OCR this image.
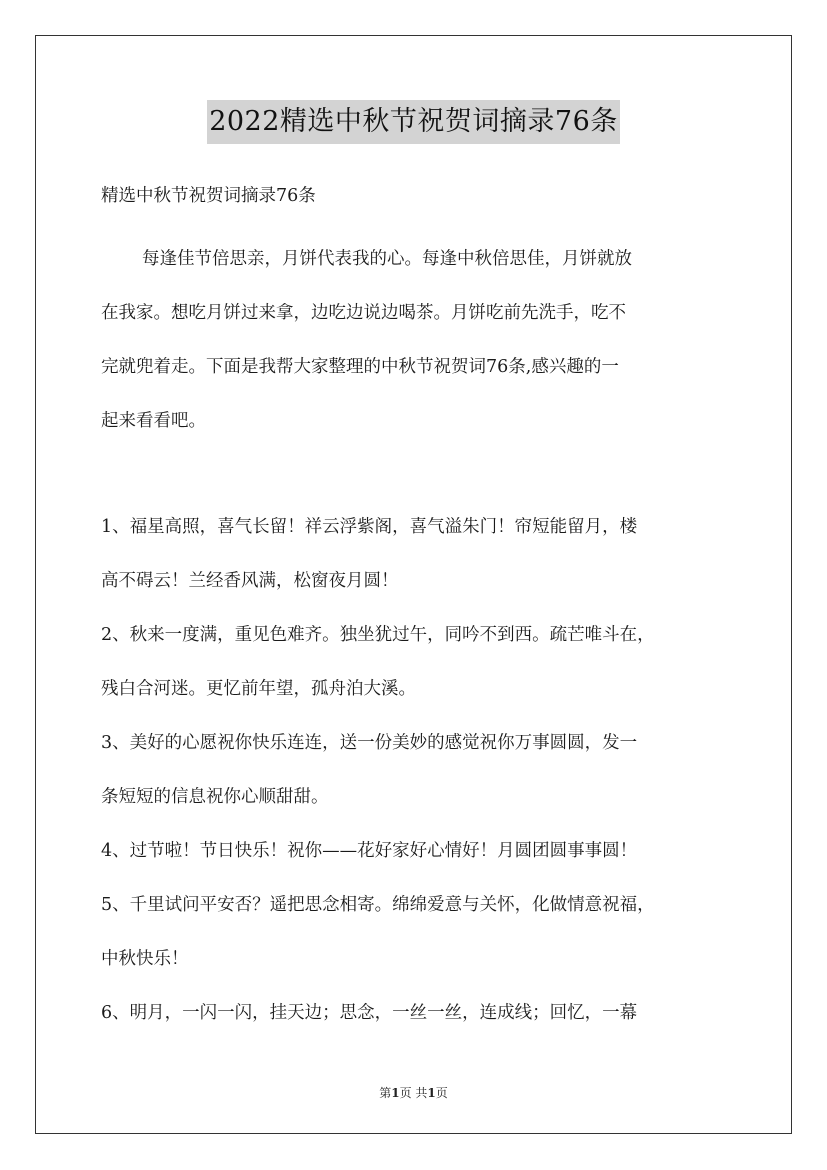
2022精选中秋节祝贺词摘录76条
精选中秋节祝贺词摘录76条
每逢佳节倍思亲，月饼代表我的心。每逢中秋倍思佳，月饼就放
在我家。想吃月饼过来拿，边吃边说边喝茶。月饼吃前先洗手，吃不
完就兜着走。下面是我帮大家整理的中秋节祝贺词76条,感兴趣的一
起来看看吧。
1、福星高照，喜气长留！祥云浮紫阁，喜气溢朱门！帘短能留月，楼
高不碍云！兰经香风满，松窗夜月圆！
2、秋来一度满，重见色难齐。独坐犹过午，同吟不到西。疏芒唯斗在，
残白合河迷。更忆前年望，孤舟泊大溪。
3、美好的心愿祝你快乐连连，送一份美妙的感觉祝你万事圆圆，发一
条短短的信息祝你心顺甜甜。
4、过节啦！节日快乐！祝你——花好家好心情好！月圆团圆事事圆！
5、千里试问平安否？遥把思念相寄。绵绵爱意与关怀，化做情意祝福，
中秋快乐！
6、明月，一闪一闪，挂天边；思念，一丝一丝，连成线；回忆，一幕
第1页 共1页
